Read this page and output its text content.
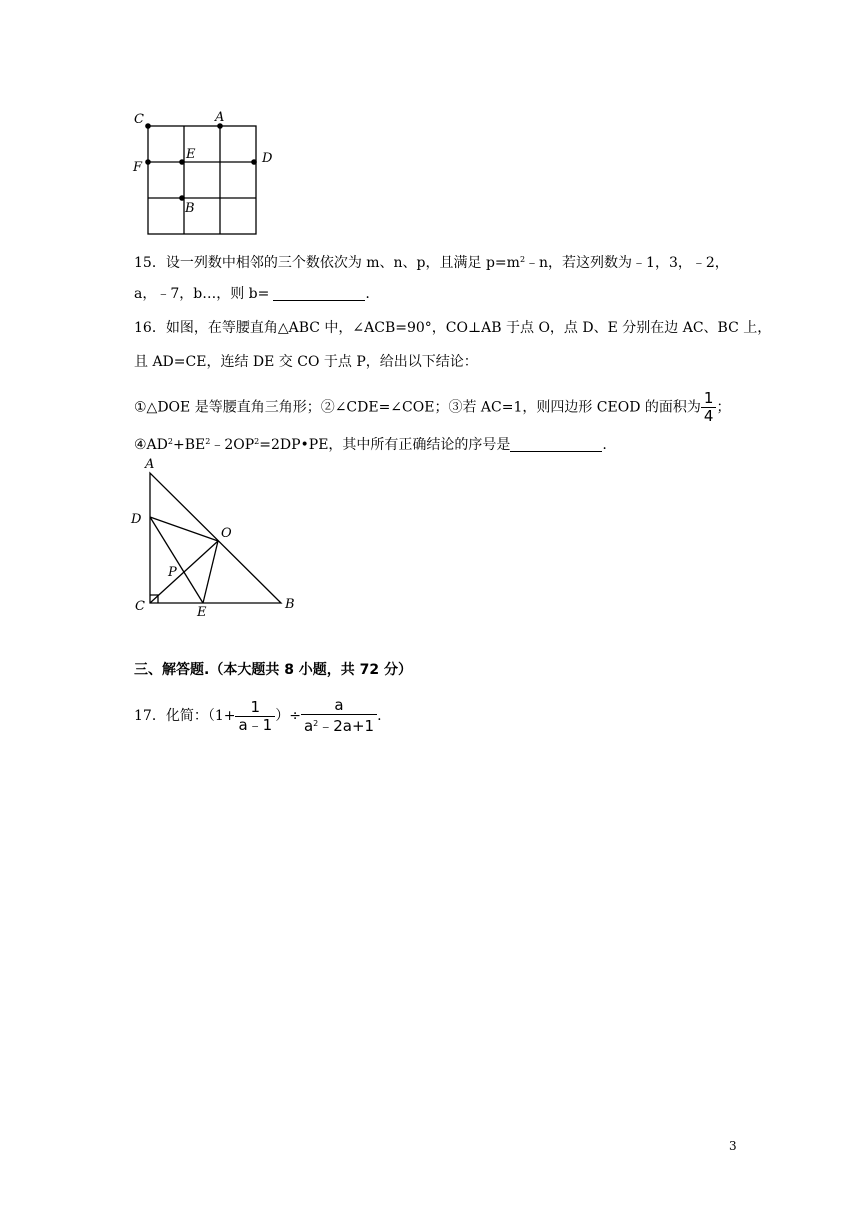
C	A
F
E	D
B
15．设一列数中相邻的三个数依次为 m、n、p，且满足 $p=m^2﹣n$，若这列数为﹣1，3，﹣2，
a，﹣7，b…，则 b=	.
16．如图，在等腰直角△ABC 中，∠ACB=90°，CO⊥AB 于点 O，点 D、E 分别在边 AC、BC 上，
且 AD=CE，连结 DE 交 CO 于点 P，给出以下结论：
①△DOE 是等腰直角三角形；②∠CDE=∠COE；③若 AC=1，则四边形 CEOD 的面积为 $\frac{1}{4}$ ；
$④AD^2+BE^2﹣2OP^2=2DP•PE$，其中所有正确结论的序号是	.
A
D
O
P
C	E
B
三、解答题.（本大题共 8 小题，共 72 分）
17．化简：（$1+ \frac{1}{a﹣1}$ ）÷ $\frac{a}{a^2﹣2a+1}$ .
3
